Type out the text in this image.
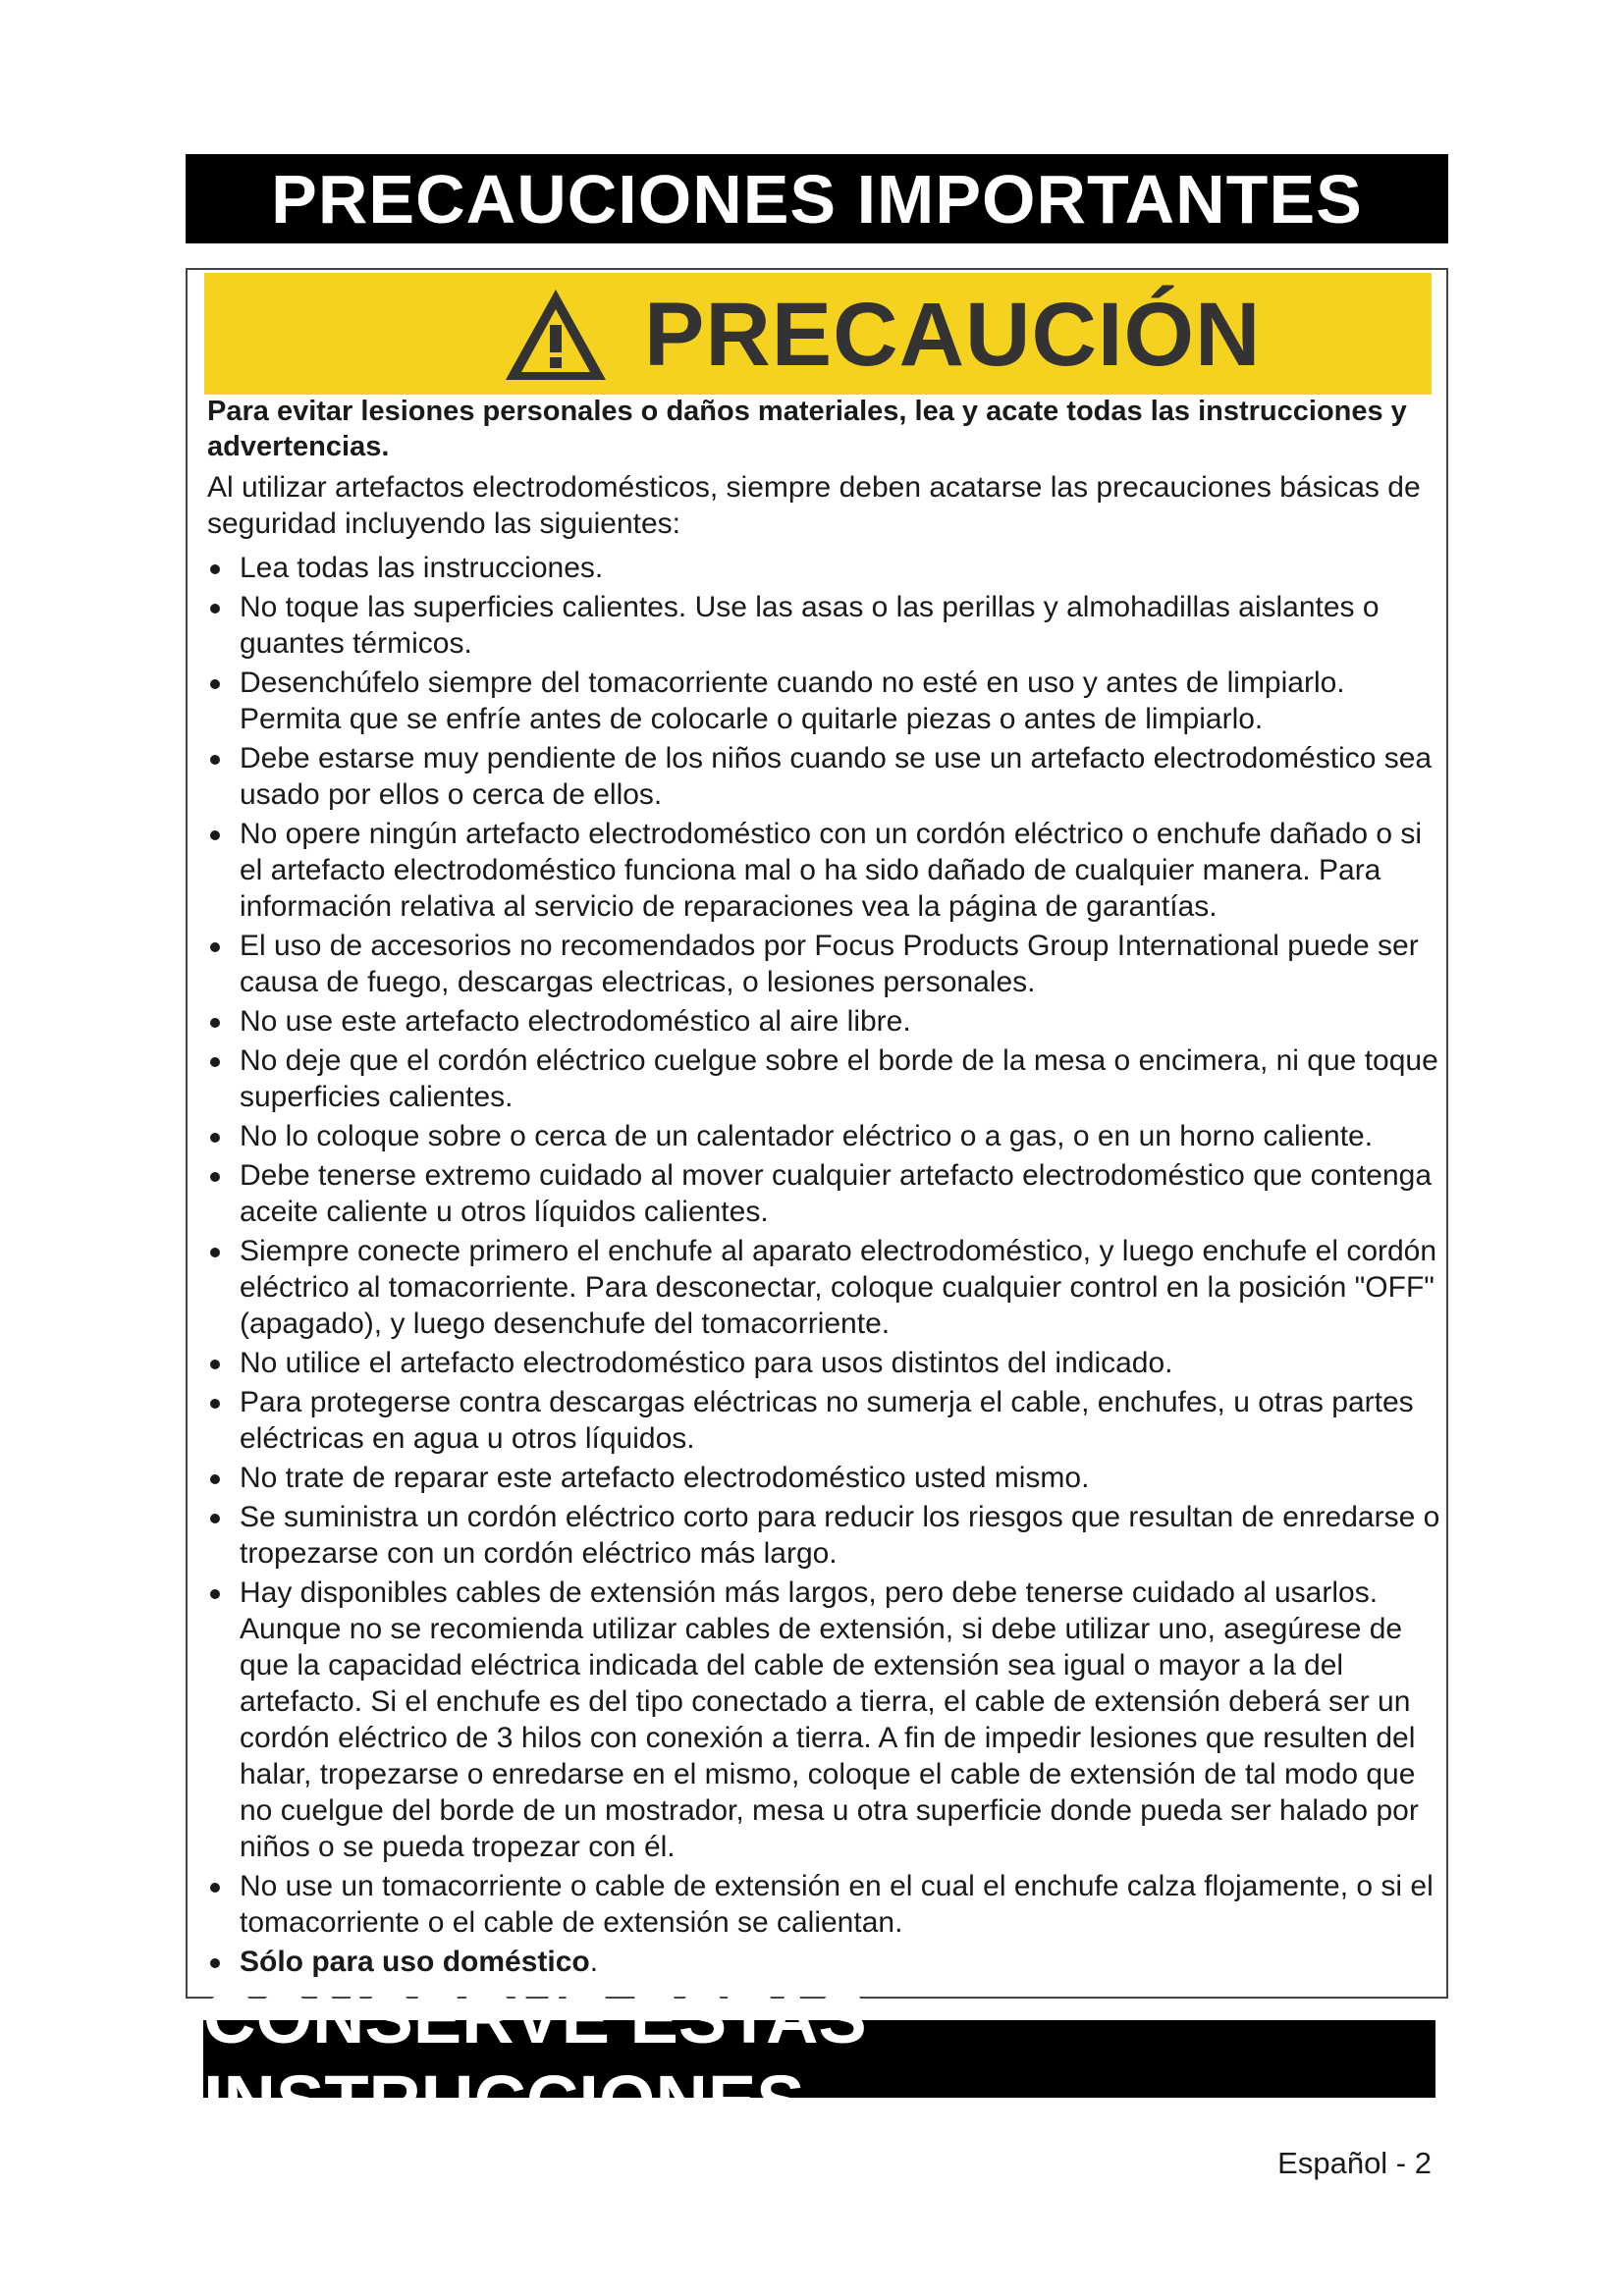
PRECAUCIONES IMPORTANTES
PRECAUCIÓN

Para evitar lesiones personales o daños materiales, lea y acate todas las instrucciones y advertencias.

Al utilizar artefactos electrodomésticos, siempre deben acatarse las precauciones básicas de seguridad incluyendo las siguientes:

Lea todas las instrucciones.
No toque las superficies calientes. Use las asas o las perillas y almohadillas aislantes o guantes térmicos.
Desenchúfelo siempre del tomacorriente cuando no esté en uso y antes de limpiarlo. Permita que se enfríe antes de colocarle o quitarle piezas o antes de limpiarlo.
Debe estarse muy pendiente de los niños cuando se use un artefacto electrodoméstico sea usado por ellos o cerca de ellos.
No opere ningún artefacto electrodoméstico con un cordón eléctrico o enchufe dañado o si el artefacto electrodoméstico funciona mal o ha sido dañado de cualquier manera. Para información relativa al servicio de reparaciones vea la página de garantías.
El uso de accesorios no recomendados por Focus Products Group International puede ser causa de fuego, descargas electricas, o lesiones personales.
No use este artefacto electrodoméstico al aire libre.
No deje que el cordón eléctrico cuelgue sobre el borde de la mesa o encimera, ni que toque superficies calientes.
No lo coloque sobre o cerca de un calentador eléctrico o a gas, o en un horno caliente.
Debe tenerse extremo cuidado al mover cualquier artefacto electrodoméstico que contenga aceite caliente u otros líquidos calientes.
Siempre conecte primero el enchufe al aparato electrodoméstico, y luego enchufe el cordón eléctrico al tomacorriente. Para desconectar, coloque cualquier control en la posición "OFF" (apagado), y luego desenchufe del tomacorriente.
No utilice el artefacto electrodoméstico para usos distintos del indicado.
Para protegerse contra descargas eléctricas no sumerja el cable, enchufes, u otras partes eléctricas en agua u otros líquidos.
No trate de reparar este artefacto electrodoméstico usted mismo.
Se suministra un cordón eléctrico corto para reducir los riesgos que resultan de enredarse o tropezarse con un cordón eléctrico más largo.
Hay disponibles cables de extensión más largos, pero debe tenerse cuidado al usarlos. Aunque no se recomienda utilizar cables de extensión, si debe utilizar uno, asegúrese de que la capacidad eléctrica indicada del cable de extensión sea igual o mayor a la del artefacto. Si el enchufe es del tipo conectado a tierra, el cable de extensión deberá ser un cordón eléctrico de 3 hilos con conexión a tierra. A fin de impedir lesiones que resulten del halar, tropezarse o enredarse en el mismo, coloque el cable de extensión de tal modo que no cuelgue del borde de un mostrador, mesa u otra superficie donde pueda ser halado por niños o se pueda tropezar con él.
No use un tomacorriente o cable de extensión en el cual el enchufe calza flojamente, o si el tomacorriente o el cable de extensión se calientan.
Sólo para uso doméstico.
CONSERVE ESTAS INSTRUCCIONES
Español - 2
